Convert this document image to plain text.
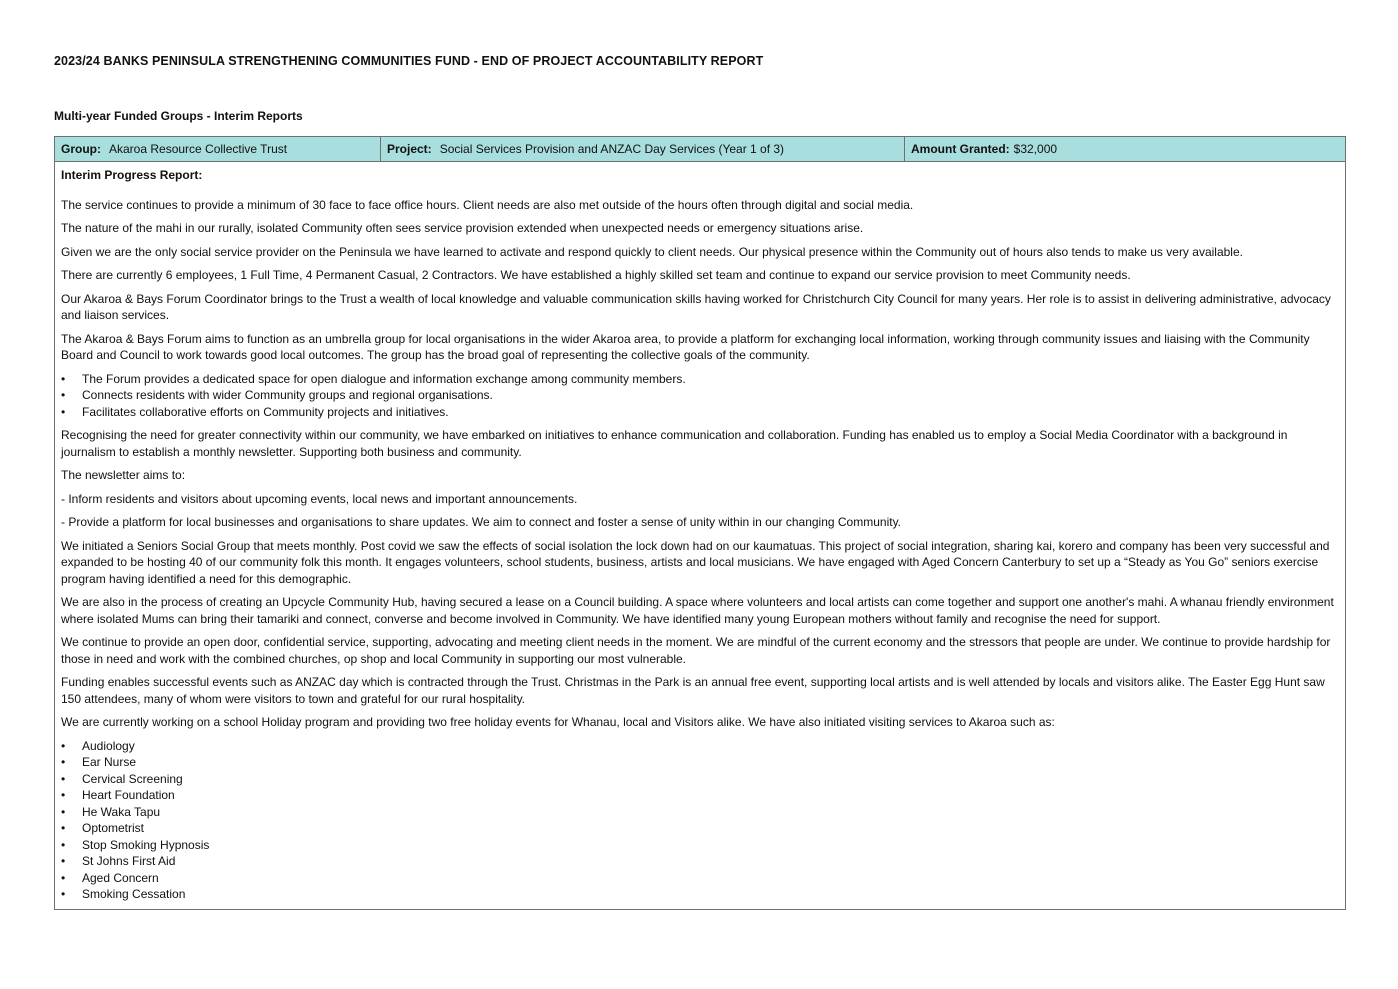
2023/24 BANKS PENINSULA STRENGTHENING COMMUNITIES FUND - END OF PROJECT ACCOUNTABILITY REPORT
Multi-year Funded Groups - Interim Reports
Group: Akaroa Resource Collective Trust	Project: Social Services Provision and ANZAC Day Services (Year 1 of 3)	Amount Granted: $32,000
Interim Progress Report:

The service continues to provide a minimum of 30 face to face office hours. Client needs are also met outside of the hours often through digital and social media.

The nature of the mahi in our rurally, isolated Community often sees service provision extended when unexpected needs or emergency situations arise.

Given we are the only social service provider on the Peninsula we have learned to activate and respond quickly to client needs. Our physical presence within the Community out of hours also tends to make us very available.

There are currently 6 employees, 1 Full Time, 4 Permanent Casual, 2 Contractors. We have established a highly skilled set team and continue to expand our service provision to meet Community needs.

Our Akaroa & Bays Forum Coordinator brings to the Trust a wealth of local knowledge and valuable communication skills having worked for Christchurch City Council for many years. Her role is to assist in delivering administrative, advocacy and liaison services.

The Akaroa & Bays Forum aims to function as an umbrella group for local organisations in the wider Akaroa area, to provide a platform for exchanging local information, working through community issues and liaising with the Community Board and Council to work towards good local outcomes. The group has the broad goal of representing the collective goals of the community.

• The Forum provides a dedicated space for open dialogue and information exchange among community members.
• Connects residents with wider Community groups and regional organisations.
• Facilitates collaborative efforts on Community projects and initiatives.

Recognising the need for greater connectivity within our community, we have embarked on initiatives to enhance communication and collaboration. Funding has enabled us to employ a Social Media Coordinator with a background in journalism to establish a monthly newsletter. Supporting both business and community.

The newsletter aims to:

- Inform residents and visitors about upcoming events, local news and important announcements.

- Provide a platform for local businesses and organisations to share updates. We aim to connect and foster a sense of unity within in our changing Community.

We initiated a Seniors Social Group that meets monthly. Post covid we saw the effects of social isolation the lock down had on our kaumatuas. This project of social integration, sharing kai, korero and company has been very successful and expanded to be hosting 40 of our community folk this month. It engages volunteers, school students, business, artists and local musicians. We have engaged with Aged Concern Canterbury to set up a “Steady as You Go” seniors exercise program having identified a need for this demographic.

We are also in the process of creating an Upcycle Community Hub, having secured a lease on a Council building. A space where volunteers and local artists can come together and support one another's mahi. A whanau friendly environment where isolated Mums can bring their tamariki and connect, converse and become involved in Community. We have identified many young European mothers without family and recognise the need for support.

We continue to provide an open door, confidential service, supporting, advocating and meeting client needs in the moment. We are mindful of the current economy and the stressors that people are under. We continue to provide hardship for those in need and work with the combined churches, op shop and local Community in supporting our most vulnerable.

Funding enables successful events such as ANZAC day which is contracted through the Trust. Christmas in the Park is an annual free event, supporting local artists and is well attended by locals and visitors alike. The Easter Egg Hunt saw 150 attendees, many of whom were visitors to town and grateful for our rural hospitality.

We are currently working on a school Holiday program and providing two free holiday events for Whanau, local and Visitors alike. We have also initiated visiting services to Akaroa such as:

• Audiology
• Ear Nurse
• Cervical Screening
• Heart Foundation
• He Waka Tapu
• Optometrist
• Stop Smoking Hypnosis
• St Johns First Aid
• Aged Concern
• Smoking Cessation
